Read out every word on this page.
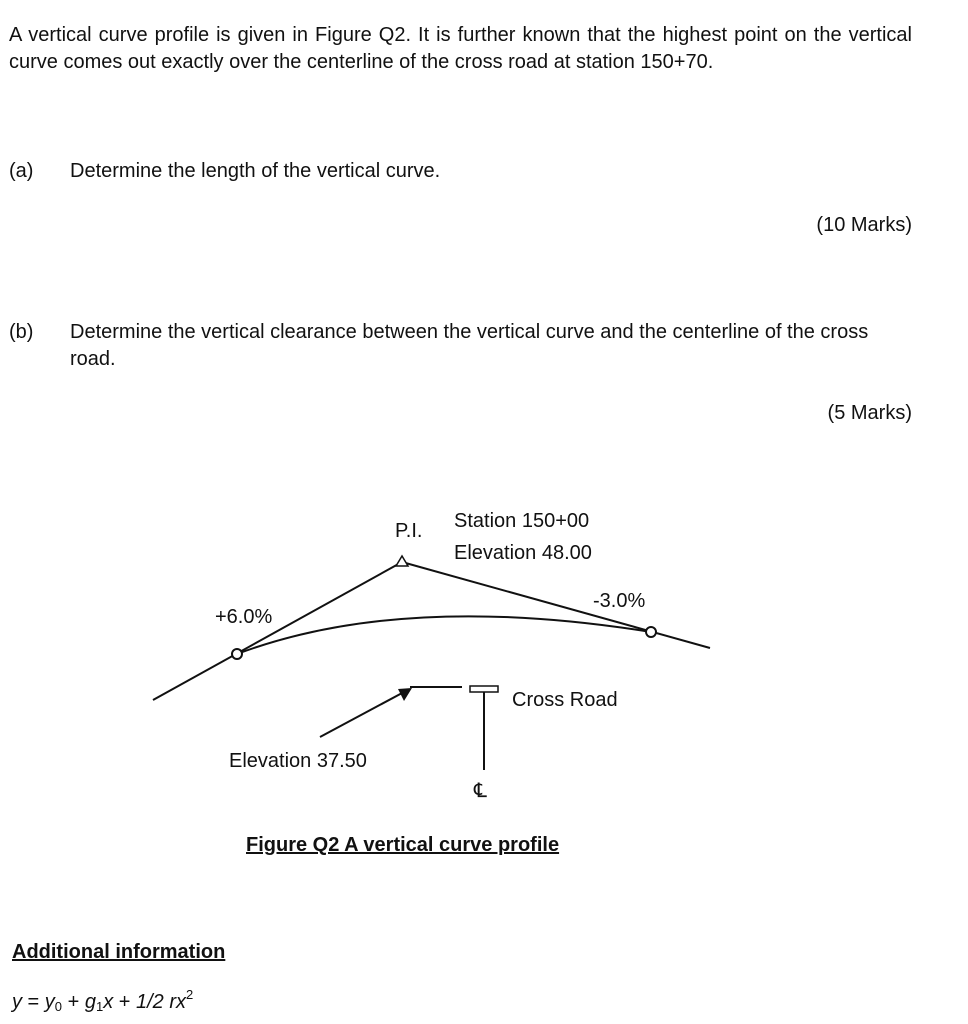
A vertical curve profile is given in Figure Q2. It is further known that the highest point on the vertical curve comes out exactly over the centerline of the cross road at station 150+70.

(a) Determine the length of the vertical curve.
(10 Marks)
(b) Determine the vertical clearance between the vertical curve and the centerline of the cross road.
(5 Marks)
P.I. Station 150+00
Elevation 48.00
+6.0%
-3.0%
Cross Road
Elevation 37.50
℄
Figure Q2 A vertical curve profile
Additional information
$y = y_0 + g_1x + 1/2$ $rx^2$
